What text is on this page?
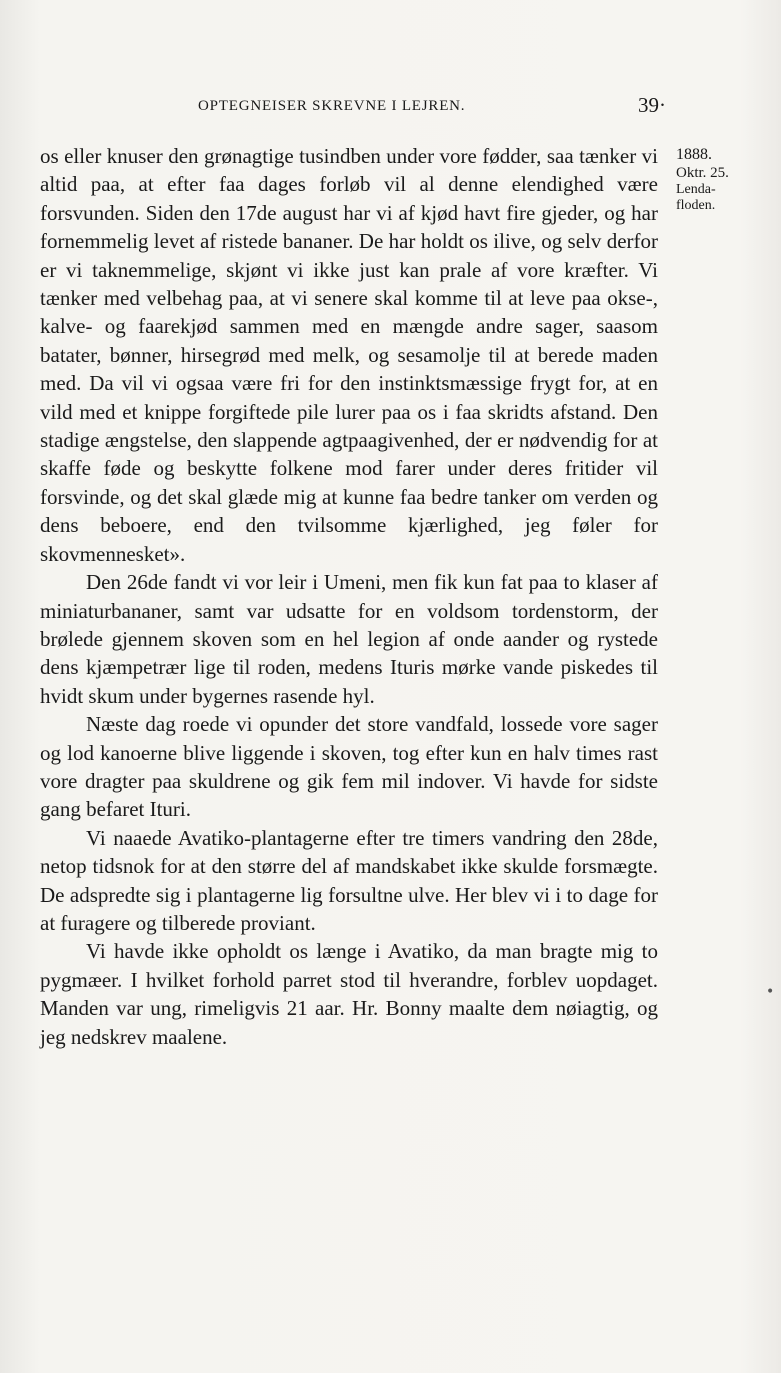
OPTEGNEISER SKREVNE I LEJREN.	39·
1888.
Oktr. 25.
Lenda-
floden.

os eller knuser den grønagtige tusindben under vore fødder, saa tænker vi altid paa, at efter faa dages forløb vil al denne elendighed være forsvunden. Siden den 17de august har vi af kjød havt fire gjeder, og har fornemmelig levet af ristede bananer. De har holdt os ilive, og selv derfor er vi taknemmelige, skjønt vi ikke just kan prale af vore kræfter. Vi tænker med velbehag paa, at vi senere skal komme til at leve paa okse-, kalve- og faarekjød sammen med en mængde andre sager, saasom batater, bønner, hirsegrød med melk, og sesamolje til at berede maden med. Da vil vi ogsaa være fri for den instinktsmæssige frygt for, at en vild med et knippe forgiftede pile lurer paa os i faa skridts afstand. Den stadige ængstelse, den slappende agtpaagivenhed, der er nødvendig for at skaffe føde og beskytte folkene mod farer under deres fritider vil forsvinde, og det skal glæde mig at kunne faa bedre tanker om verden og dens beboere, end den tvilsomme kjærlighed, jeg føler for skovmennesket».

Den 26de fandt vi vor leir i Umeni, men fik kun fat paa to klaser af miniaturbananer, samt var udsatte for en voldsom tordenstorm, der brølede gjennem skoven som en hel legion af onde aander og rystede dens kjæmpetrær lige til roden, medens Ituris mørke vande piskedes til hvidt skum under bygernes rasende hyl.

Næste dag roede vi opunder det store vandfald, lossede vore sager og lod kanoerne blive liggende i skoven, tog efter kun en halv times rast vore dragter paa skuldrene og gik fem mil indover. Vi havde for sidste gang befaret Ituri.

Vi naaede Avatiko-plantagerne efter tre timers vandring den 28de, netop tidsnok for at den større del af mandskabet ikke skulde forsmægte. De adspredte sig i plantagerne lig forsultne ulve. Her blev vi i to dage for at furagere og tilberede proviant.

Vi havde ikke opholdt os længe i Avatiko, da man bragte mig to pygmæer. I hvilket forhold parret stod til hverandre, forblev uopdaget. Manden var ung, rimeligvis 21 aar. Hr. Bonny maalte dem nøiagtig, og jeg nedskrev maalene.

•
